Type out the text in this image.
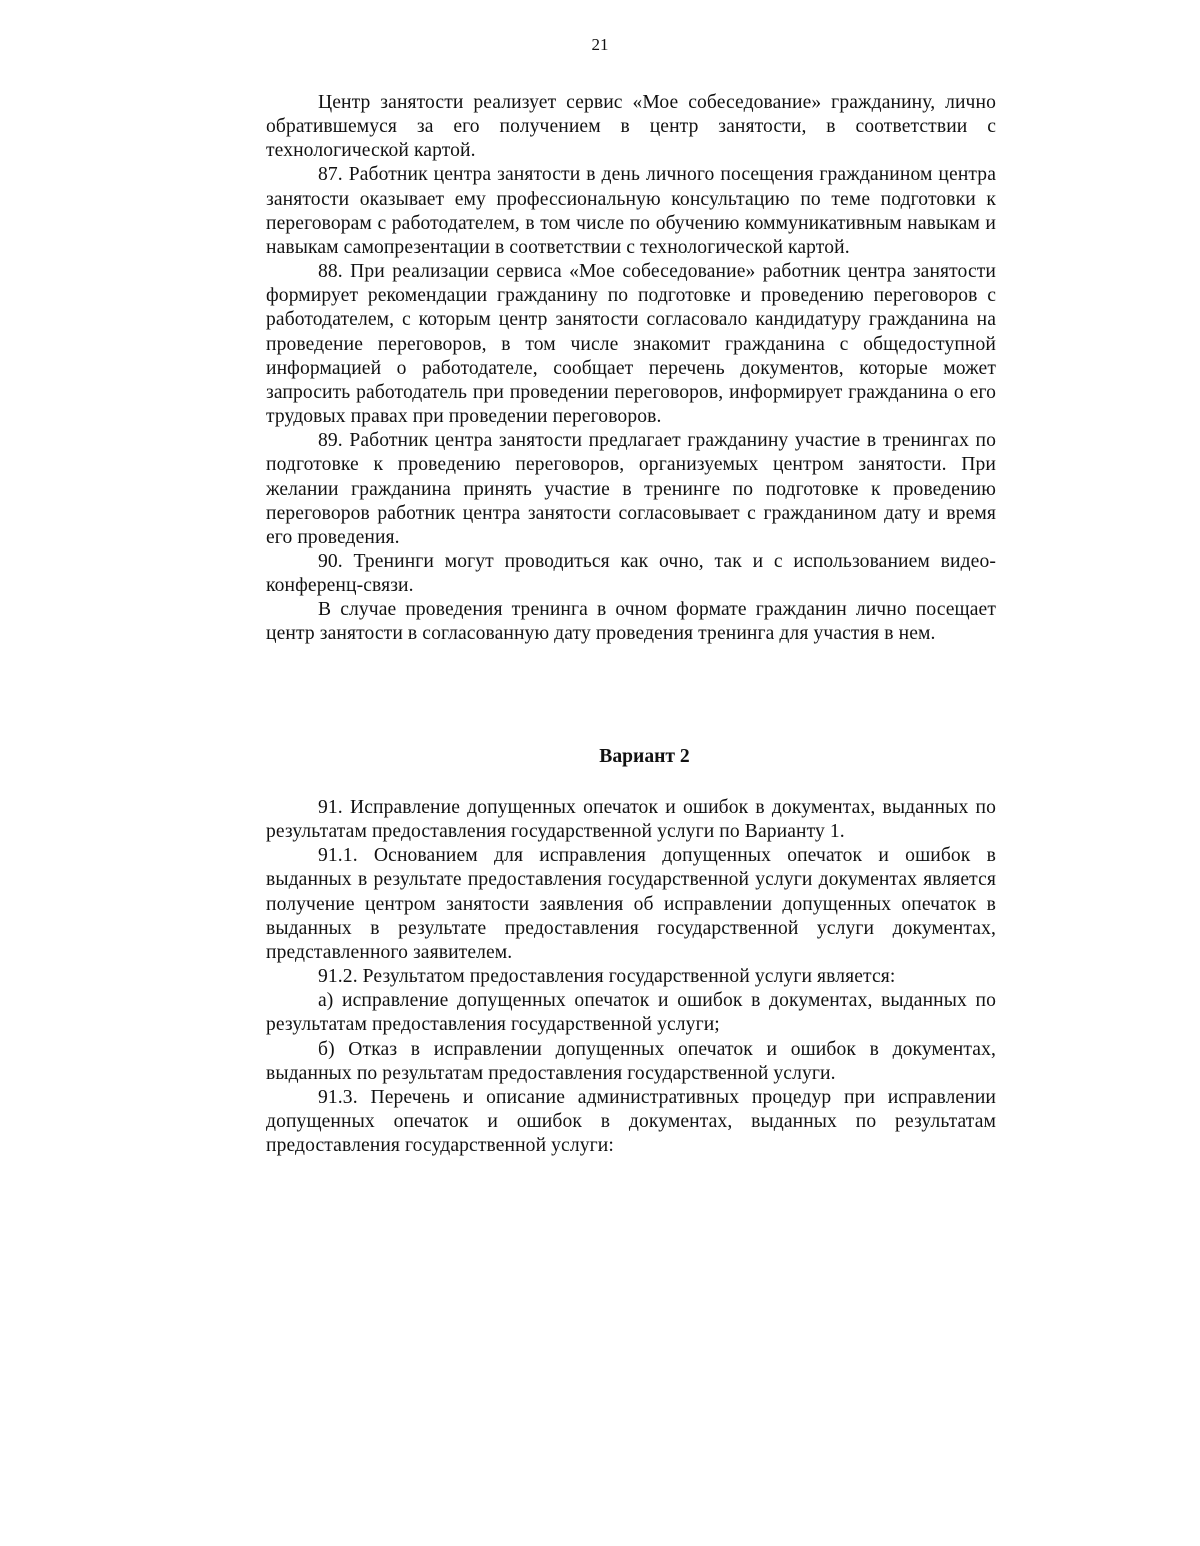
21

Центр занятости реализует сервис «Мое собеседование» гражданину, лично обратившемуся за его получением в центр занятости, в соответствии с технологической картой.

87. Работник центра занятости в день личного посещения гражданином центра занятости оказывает ему профессиональную консультацию по теме подготовки к переговорам с работодателем, в том числе по обучению коммуникативным навыкам и навыкам самопрезентации в соответствии с технологической картой.

88. При реализации сервиса «Мое собеседование» работник центра занятости формирует рекомендации гражданину по подготовке и проведению переговоров с работодателем, с которым центр занятости согласовало кандидатуру гражданина на проведение переговоров, в том числе знакомит гражданина с общедоступной информацией о работодателе, сообщает перечень документов, которые может запросить работодатель при проведении переговоров, информирует гражданина о его трудовых правах при проведении переговоров.

89. Работник центра занятости предлагает гражданину участие в тренингах по подготовке к проведению переговоров, организуемых центром занятости. При желании гражданина принять участие в тренинге по подготовке к проведению переговоров работник центра занятости согласовывает с гражданином дату и время его проведения.

90. Тренинги могут проводиться как очно, так и с использованием видео-конференц-связи.

В случае проведения тренинга в очном формате гражданин лично посещает центр занятости в согласованную дату проведения тренинга для участия в нем.

Вариант 2

91. Исправление допущенных опечаток и ошибок в документах, выданных по результатам предоставления государственной услуги по Варианту 1.

91.1. Основанием для исправления допущенных опечаток и ошибок в выданных в результате предоставления государственной услуги документах является получение центром занятости заявления об исправлении допущенных опечаток в выданных в результате предоставления государственной услуги документах, представленного заявителем.

91.2. Результатом предоставления государственной услуги является:

а) исправление допущенных опечаток и ошибок в документах, выданных по результатам предоставления государственной услуги;

б) Отказ в исправлении допущенных опечаток и ошибок в документах, выданных по результатам предоставления государственной услуги.

91.3. Перечень и описание административных процедур при исправлении допущенных опечаток и ошибок в документах, выданных по результатам предоставления государственной услуги:
